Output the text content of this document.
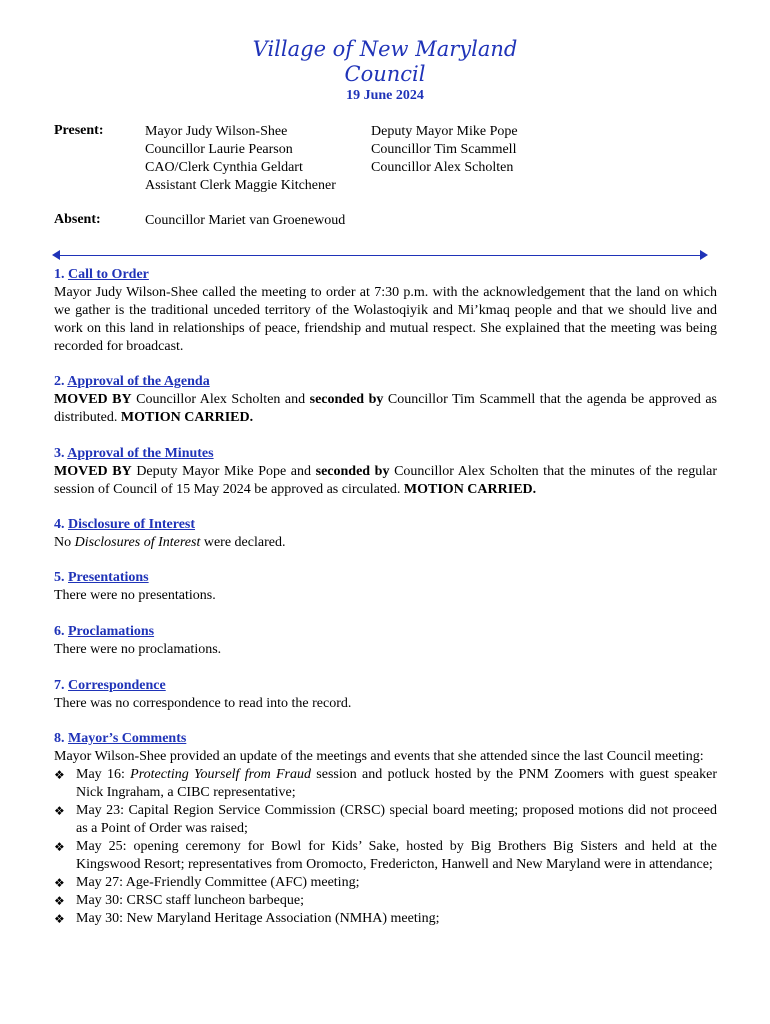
Village of New Maryland
Council
19 June 2024
Present:	Mayor Judy Wilson-Shee
Councillor Laurie Pearson
CAO/Clerk Cynthia Geldart
Assistant Clerk Maggie Kitchener
Deputy Mayor Mike Pope
Councillor Tim Scammell
Councillor Alex Scholten
Absent:	Councillor Mariet van Groenewoud

1. Call to Order

Mayor Judy Wilson-Shee called the meeting to order at 7:30 p.m. with the acknowledgement that the land on which we gather is the traditional unceded territory of the Wolastoqiyik and Mi’kmaq people and that we should live and work on this land in relationships of peace, friendship and mutual respect. She explained that the meeting was being recorded for broadcast.

2. Approval of the Agenda

MOVED BY Councillor Alex Scholten and seconded by Councillor Tim Scammell that the agenda be approved as distributed. MOTION CARRIED.

3. Approval of the Minutes

MOVED BY Deputy Mayor Mike Pope and seconded by Councillor Alex Scholten that the minutes of the regular session of Council of 15 May 2024 be approved as circulated. MOTION CARRIED.

4. Disclosure of Interest

No Disclosures of Interest were declared.

5. Presentations

There were no presentations.

6. Proclamations

There were no proclamations.

7. Correspondence

There was no correspondence to read into the record.

8. Mayor’s Comments

Mayor Wilson-Shee provided an update of the meetings and events that she attended since the last Council meeting:

❖ May 16: Protecting Yourself from Fraud session and potluck hosted by the PNM Zoomers with guest speaker Nick Ingraham, a CIBC representative;
❖ May 23: Capital Region Service Commission (CRSC) special board meeting; proposed motions did not proceed as a Point of Order was raised;
❖ May 25: opening ceremony for Bowl for Kids’ Sake, hosted by Big Brothers Big Sisters and held at the Kingswood Resort; representatives from Oromocto, Fredericton, Hanwell and New Maryland were in attendance;
❖ May 27: Age-Friendly Committee (AFC) meeting;
❖ May 30: CRSC staff luncheon barbeque;
❖ May 30: New Maryland Heritage Association (NMHA) meeting;
